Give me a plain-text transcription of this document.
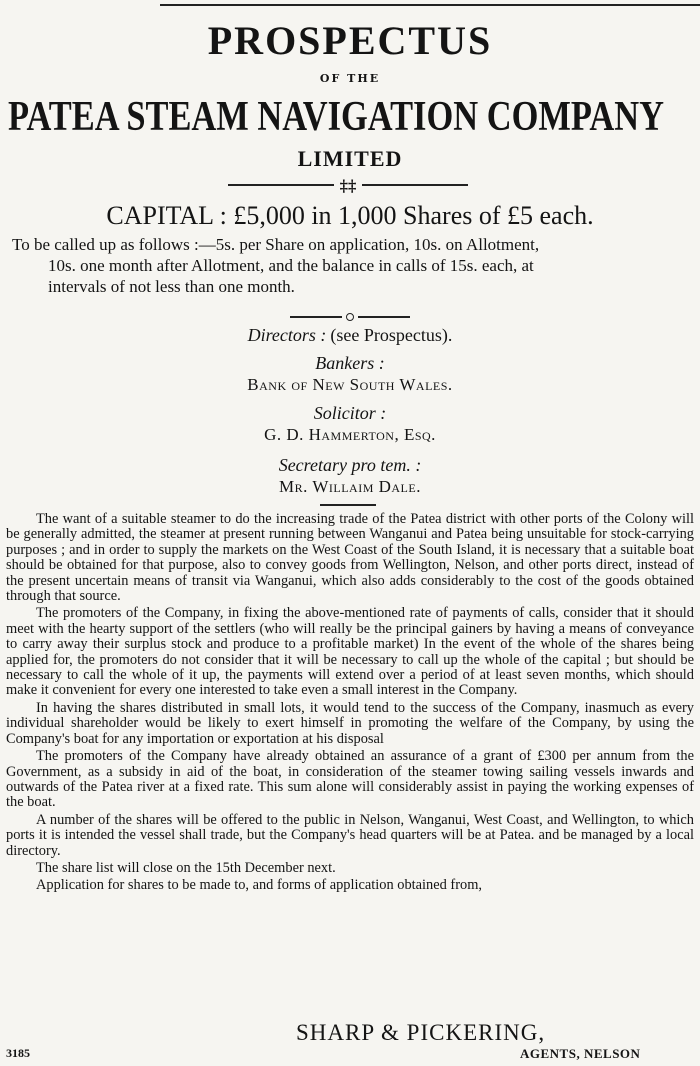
PROSPECTUS
OF THE
PATEA STEAM NAVIGATION COMPANY
LIMITED
‡‡
CAPITAL : £5,000 in 1,000 Shares of £5 each.
To be called up as follows :—5s. per Share on application, 10s. on Allotment,
10s. one month after Allotment, and the balance in calls of 15s. each, at
intervals of not less than one month.
Directors : (see Prospectus).
Bankers :
Bank of New South Wales.
Solicitor :
G. D. Hammerton, Esq.
Secretary pro tem. :
Mr. Willaim Dale.

The want of a suitable steamer to do the increasing trade of the Patea district with other ports of the Colony will be generally admitted, the steamer at present running between Wanganui and Patea being unsuitable for stock-carrying purposes ; and in order to supply the markets on the West Coast of the South Island, it is necessary that a suitable boat should be obtained for that purpose, also to convey goods from Wellington, Nelson, and other ports direct, instead of the present uncertain means of transit via Wanganui, which also adds considerably to the cost of the goods obtained through that source.

The promoters of the Company, in fixing the above-mentioned rate of payments of calls, consider that it should meet with the hearty support of the settlers (who will really be the principal gainers by having a means of conveyance to carry away their surplus stock and produce to a profitable market) In the event of the whole of the shares being applied for, the promoters do not consider that it will be necessary to call up the whole of the capital ; but should be necessary to call the whole of it up, the payments will extend over a period of at least seven months, which should make it convenient for every one interested to take even a small interest in the Company.

In having the shares distributed in small lots, it would tend to the success of the Company, inasmuch as every individual shareholder would be likely to exert himself in promoting the welfare of the Company, by using the Company's boat for any importation or exportation at his disposal

The promoters of the Company have already obtained an assurance of a grant of £300 per annum from the Government, as a subsidy in aid of the boat, in consideration of the steamer towing sailing vessels inwards and outwards of the Patea river at a fixed rate. This sum alone will considerably assist in paying the working expenses of the boat.

A number of the shares will be offered to the public in Nelson, Wanganui, West Coast, and Wellington, to which ports it is intended the vessel shall trade, but the Company's head quarters will be at Patea. and be managed by a local directory.

The share list will close on the 15th December next.

Application for shares to be made to, and forms of application obtained from,

SHARP & PICKERING,
AGENTS, NELSON
3185
